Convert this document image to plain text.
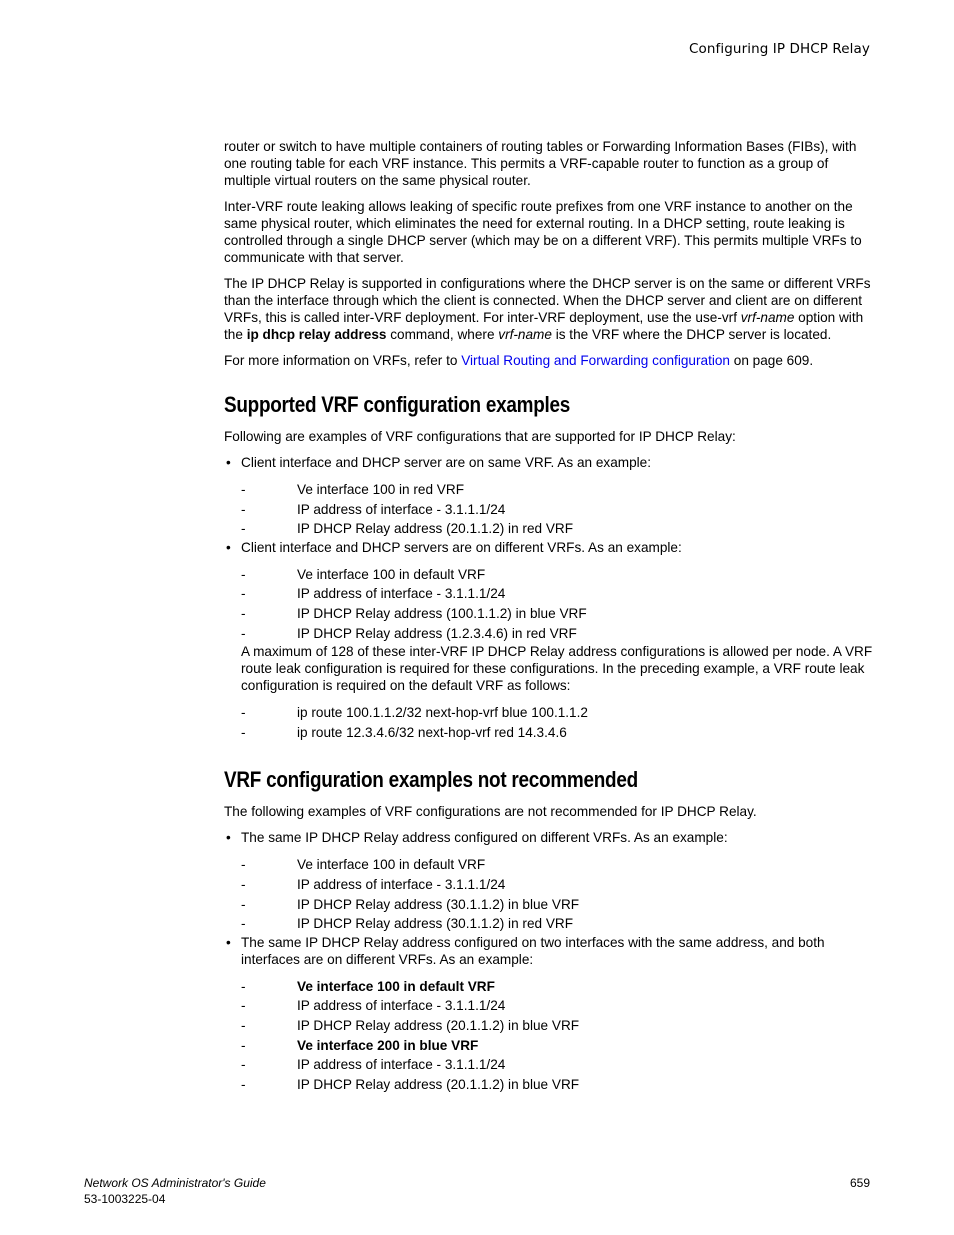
Configuring IP DHCP Relay

router or switch to have multiple containers of routing tables or Forwarding Information Bases (FIBs), with one routing table for each VRF instance. This permits a VRF-capable router to function as a group of multiple virtual routers on the same physical router.

Inter-VRF route leaking allows leaking of specific route prefixes from one VRF instance to another on the same physical router, which eliminates the need for external routing. In a DHCP setting, route leaking is controlled through a single DHCP server (which may be on a different VRF). This permits multiple VRFs to communicate with that server.

The IP DHCP Relay is supported in configurations where the DHCP server is on the same or different VRFs than the interface through which the client is connected. When the DHCP server and client are on different VRFs, this is called inter-VRF deployment. For inter-VRF deployment, use the use-vrf vrf-name option with the ip dhcp relay address command, where vrf-name is the VRF where the DHCP server is located.

For more information on VRFs, refer to Virtual Routing and Forwarding configuration on page 609.

Supported VRF configuration examples

Following are examples of VRF configurations that are supported for IP DHCP Relay:

• Client interface and DHCP server are on same VRF. As an example:
-	Ve interface 100 in red VRF
-	IP address of interface - 3.1.1.1/24
-	IP DHCP Relay address (20.1.1.2) in red VRF
• Client interface and DHCP servers are on different VRFs. As an example:
-	Ve interface 100 in default VRF
-	IP address of interface - 3.1.1.1/24
-	IP DHCP Relay address (100.1.1.2) in blue VRF
-	IP DHCP Relay address (1.2.3.4.6) in red VRF

A maximum of 128 of these inter-VRF IP DHCP Relay address configurations is allowed per node. A VRF route leak configuration is required for these configurations. In the preceding example, a VRF route leak configuration is required on the default VRF as follows:

-	ip route 100.1.1.2/32 next-hop-vrf blue 100.1.1.2
-	ip route 12.3.4.6/32 next-hop-vrf red 14.3.4.6
VRF configuration examples not recommended

The following examples of VRF configurations are not recommended for IP DHCP Relay.

• The same IP DHCP Relay address configured on different VRFs. As an example:
-	Ve interface 100 in default VRF
-	IP address of interface - 3.1.1.1/24
-	IP DHCP Relay address (30.1.1.2) in blue VRF
-	IP DHCP Relay address (30.1.1.2) in red VRF
• The same IP DHCP Relay address configured on two interfaces with the same address, and both interfaces are on different VRFs. As an example:
-	Ve interface 100 in default VRF
-	IP address of interface - 3.1.1.1/24
-	IP DHCP Relay address (20.1.1.2) in blue VRF
-	Ve interface 200 in blue VRF
-	IP address of interface - 3.1.1.1/24
-	IP DHCP Relay address (20.1.1.2) in blue VRF
Network OS Administrator's Guide
53-1003225-04
659
